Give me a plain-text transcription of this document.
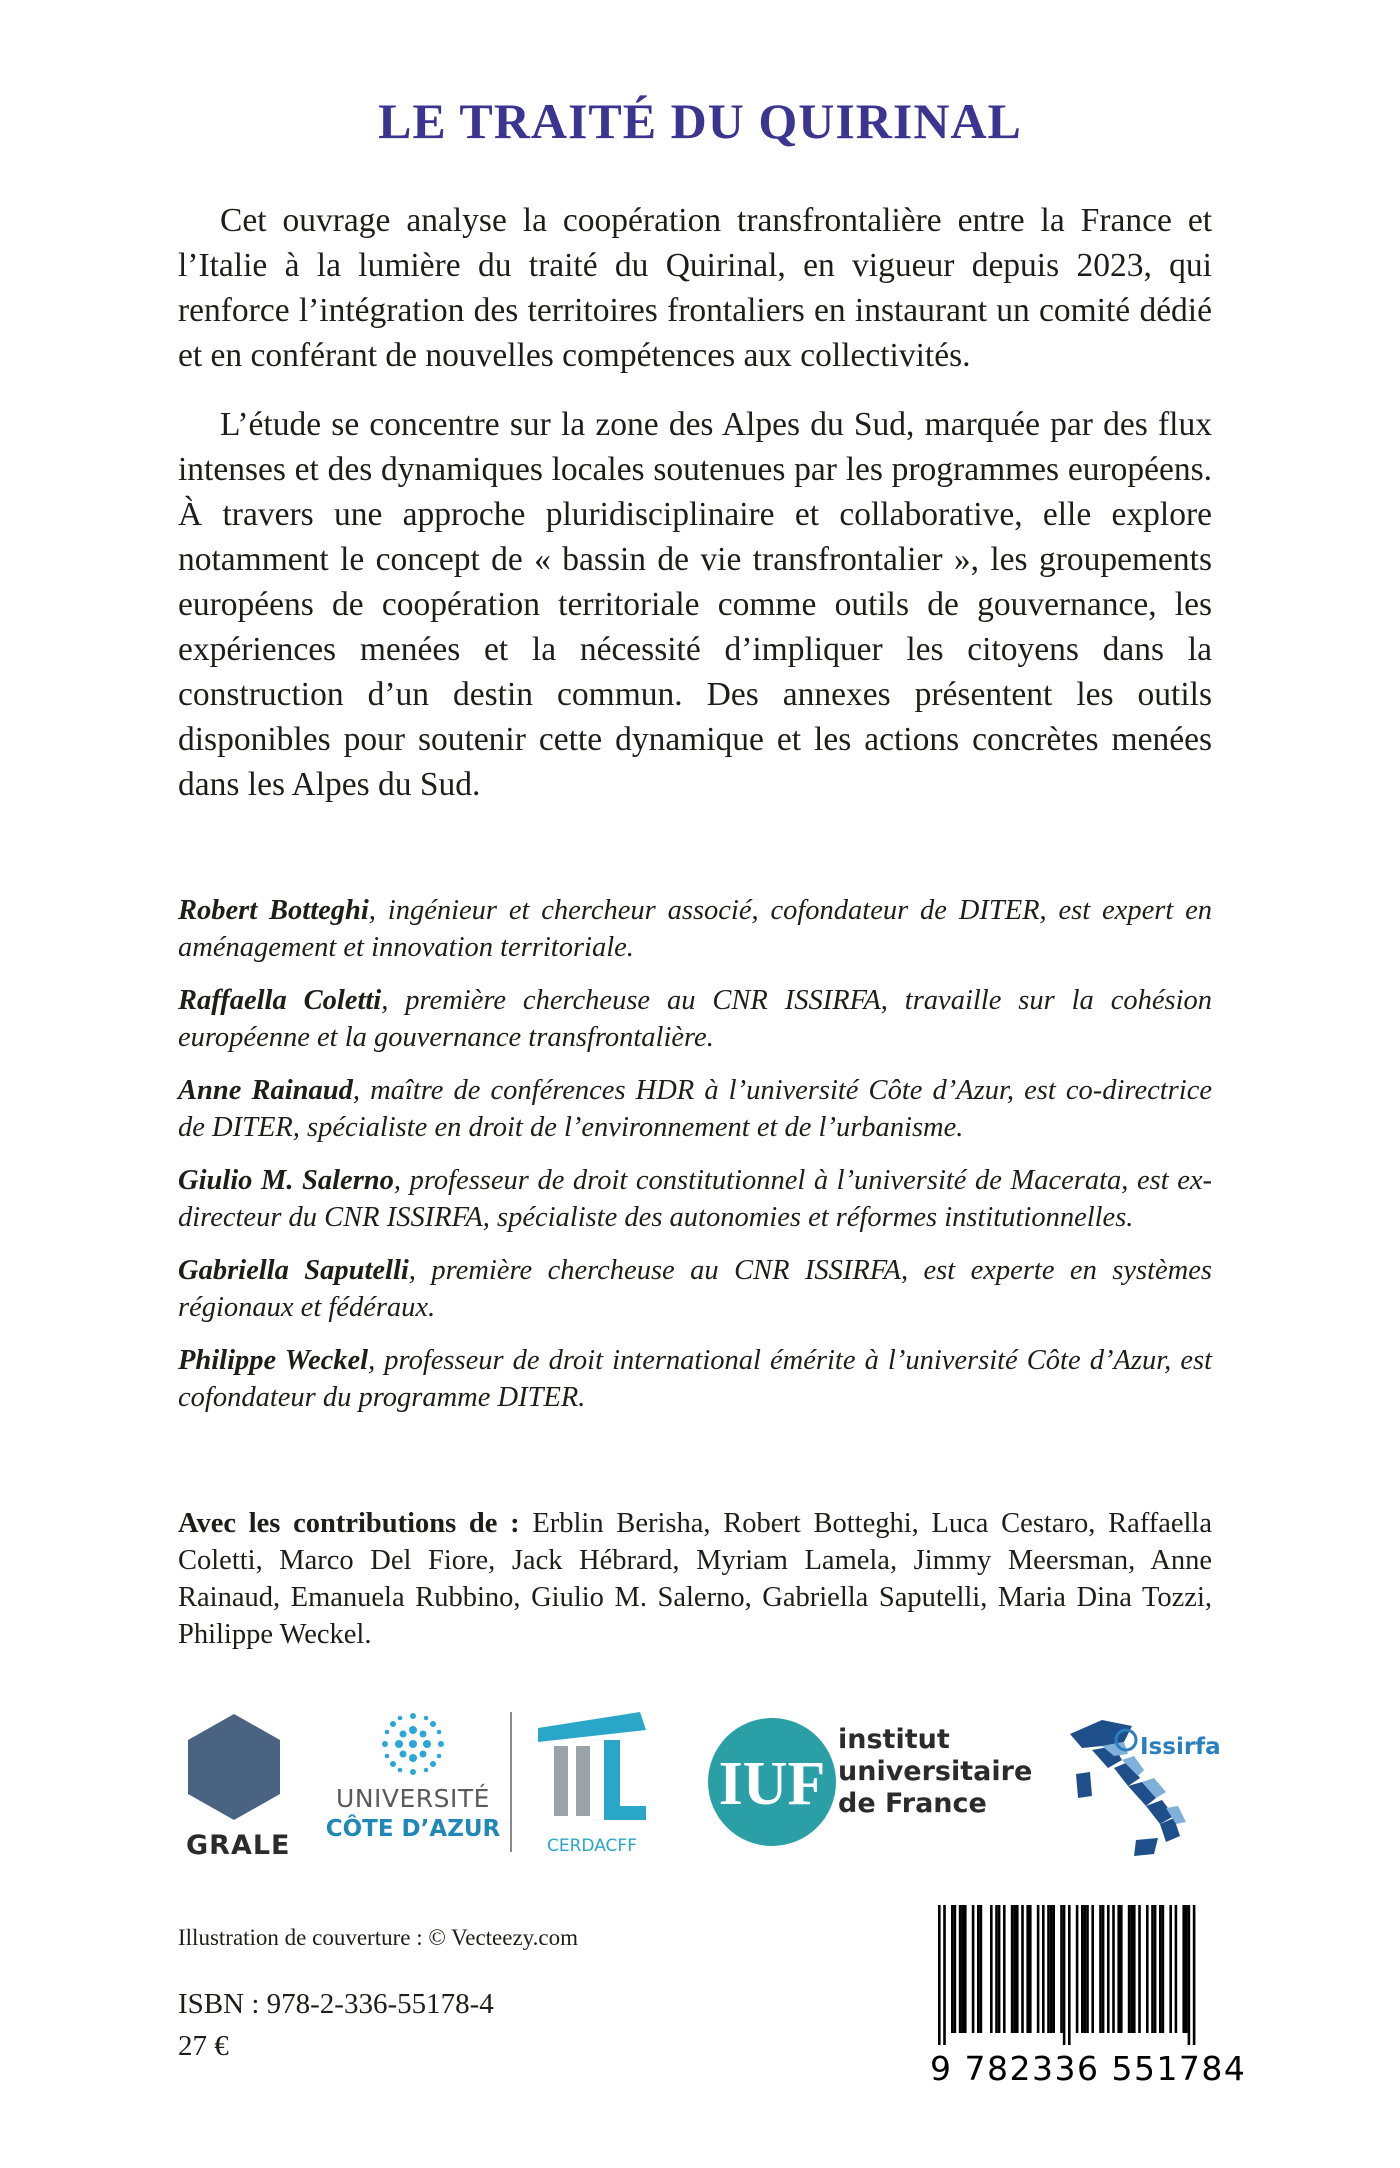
LE TRAITÉ DU QUIRINAL

Cet ouvrage analyse la coopération transfrontalière entre la France et l’Italie à la lumière du traité du Quirinal, en vigueur depuis 2023, qui renforce l’intégration des territoires frontaliers en instaurant un comité dédié et en conférant de nouvelles compétences aux collectivités.

L’étude se concentre sur la zone des Alpes du Sud, marquée par des flux intenses et des dynamiques locales soutenues par les programmes européens. À travers une approche pluridisciplinaire et collaborative, elle explore notamment le concept de « bassin de vie transfrontalier », les groupements européens de coopération territoriale comme outils de gouvernance, les expériences menées et la nécessité d’impliquer les citoyens dans la construction d’un destin commun. Des annexes présentent les outils disponibles pour soutenir cette dynamique et les actions concrètes menées dans les Alpes du Sud.

Robert Botteghi, ingénieur et chercheur associé, cofondateur de DITER, est expert en aménagement et innovation territoriale.

Raffaella Coletti, première chercheuse au CNR ISSIRFA, travaille sur la cohésion européenne et la gouvernance transfrontalière.

Anne Rainaud, maître de conférences HDR à l’université Côte d’Azur, est co-directrice de DITER, spécialiste en droit de l’environnement et de l’urbanisme.

Giulio M. Salerno, professeur de droit constitutionnel à l’université de Macerata, est ex-directeur du CNR ISSIRFA, spécialiste des autonomies et réformes institutionnelles.

Gabriella Saputelli, première chercheuse au CNR ISSIRFA, est experte en systèmes régionaux et fédéraux.

Philippe Weckel, professeur de droit international émérite à l’université Côte d’Azur, est cofondateur du programme DITER.

Avec les contributions de : Erblin Berisha, Robert Botteghi, Luca Cestaro, Raffaella Coletti, Marco Del Fiore, Jack Hébrard, Myriam Lamela, Jimmy Meersman, Anne Rainaud, Emanuela Rubbino, Giulio M. Salerno, Gabriella Saputelli, Maria Dina Tozzi, Philippe Weckel.

GRALE
UNIVERSITÉ
CÔTE D’AZUR
CERDACFF
IUF
institut
universitaire
de France
Issirfa

Illustration de couverture : © Vecteezy.com

ISBN : 978-2-336-55178-4

27 €

9 782336 551784
